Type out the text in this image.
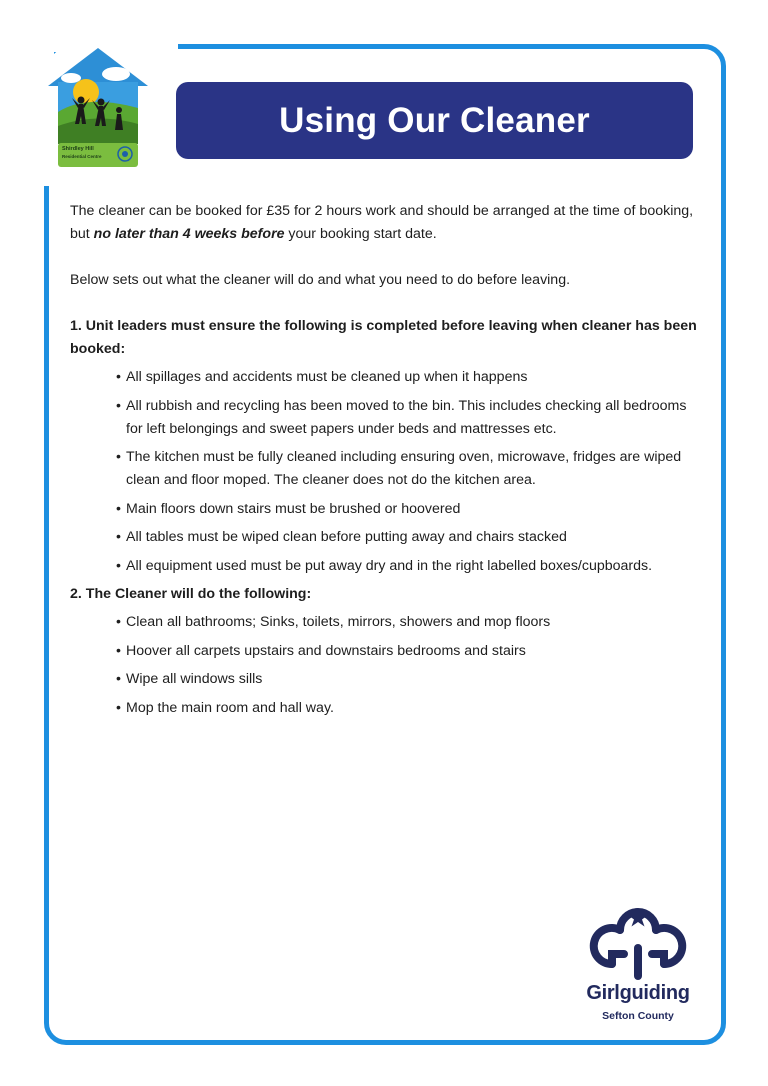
Shirdley Hill
Residential Centre
Using Our Cleaner

The cleaner can be booked for £35 for 2 hours work and should be arranged at the time of booking, but no later than 4 weeks before your booking start date.

Below sets out what the cleaner will do and what you need to do before leaving.

1. Unit leaders must ensure the following is completed before leaving when cleaner has been booked:

• All spillages and accidents must be cleaned up when it happens
• All rubbish and recycling has been moved to the bin. This includes checking all bedrooms for left belongings and sweet papers under beds and mattresses etc.
• The kitchen must be fully cleaned including ensuring oven, microwave, fridges are wiped clean and floor moped. The cleaner does not do the kitchen area.
• Main floors down stairs must be brushed or hoovered
• All tables must be wiped clean before putting away and chairs stacked
• All equipment used must be put away dry and in the right labelled boxes/cupboards.

2. The Cleaner will do the following:

• Clean all bathrooms; Sinks, toilets, mirrors, showers and mop floors
• Hoover all carpets upstairs and downstairs bedrooms and stairs
• Wipe all windows sills
• Mop the main room and hall way.
Girlguiding
Sefton County
